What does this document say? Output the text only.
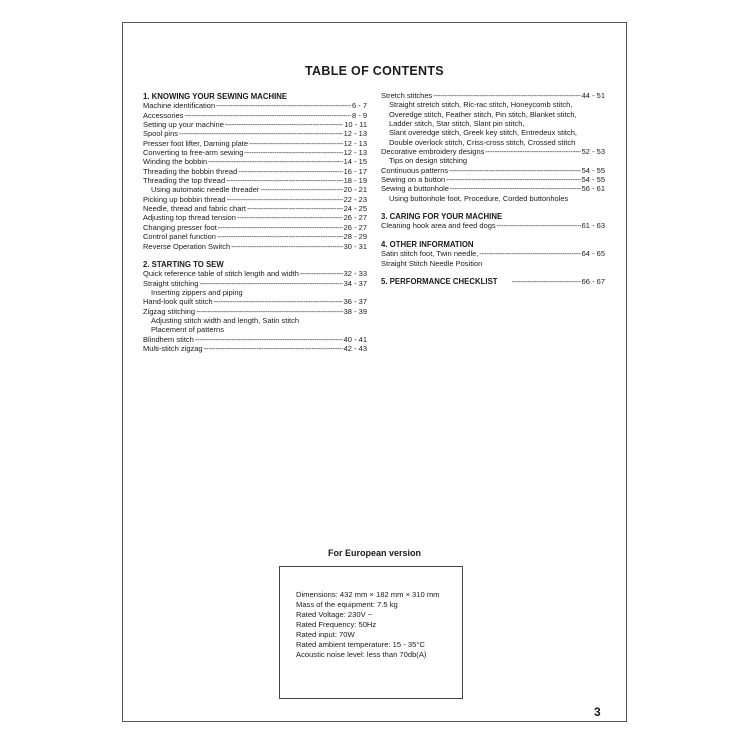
TABLE OF CONTENTS
1. KNOWING YOUR SEWING MACHINE
Machine identification -----	6 - 7
Accessories -----	8 - 9
Setting up your machine -----	10 - 11
Spool pins -----	12 - 13
Presser foot lifter, Darning plate -----	12 - 13
Converting to free-arm sewing -----	12 - 13
Winding the bobbin -----	14 - 15
Threading the bobbin thread -----	16 - 17
Threading the top thread -----	18 - 19
Using automatic needle threader -----	20 - 21
Picking up bobbin thread -----	22 - 23
Needle, thread and fabric chart -----	24 - 25
Adjusting top thread tension -----	26 - 27
Changing presser foot -----	26 - 27
Control panel function -----	28 - 29
Reverse Operation Switch -----	30 - 31
2. STARTING TO SEW
Quick reference table of stitch length and width -----	32 - 33
Straight stitching -----	34 - 37
Inserting zippers and piping
Hand-look quilt stitch -----	36 - 37
Zigzag stitching -----	38 - 39
Adjusting stitch width and length, Satin stitch
Placement of patterns
Blindhem stitch -----	40 - 41
Multi-stitch zigzag -----	42 - 43
Stretch stitches -----	44 - 51
Straight stretch stitch, Ric-rac stitch, Honeycomb stitch,
Overedge stitch, Feather stitch, Pin stitch, Blanket stitch,
Ladder stitch, Star stitch, Slant pin stitch,
Slant overedge stitch, Greek key stitch, Entredeux stitch,
Double overlock stitch, Criss-cross stitch, Crossed stitch
Decorative embroidery designs -----	52 - 53
Tips on design stitching
Continuous patterns -----	54 - 55
Sewing on a button -----	54 - 55
Sewing a buttonhole -----	56 - 61
Using buttonhole foot, Procedure, Corded buttonholes
3. CARING FOR YOUR MACHINE
Cleaning hook area and feed dogs -----	61 - 63
4. OTHER INFORMATION
Satin stitch foot, Twin needle, -----	64 - 65
Straight Stitch Needle Position
5. PERFORMANCE CHECKLIST -----	66 - 67
For European version
Dimensions: 432 mm × 182 mm × 310 mm
Mass of the equipment: 7.5 kg
Rated Voltage: 230V ~
Rated Frequency: 50Hz
Rated input: 70W
Rated ambient temperature: 15 - 35°C
Acoustic noise level: less than 70db(A)
3
